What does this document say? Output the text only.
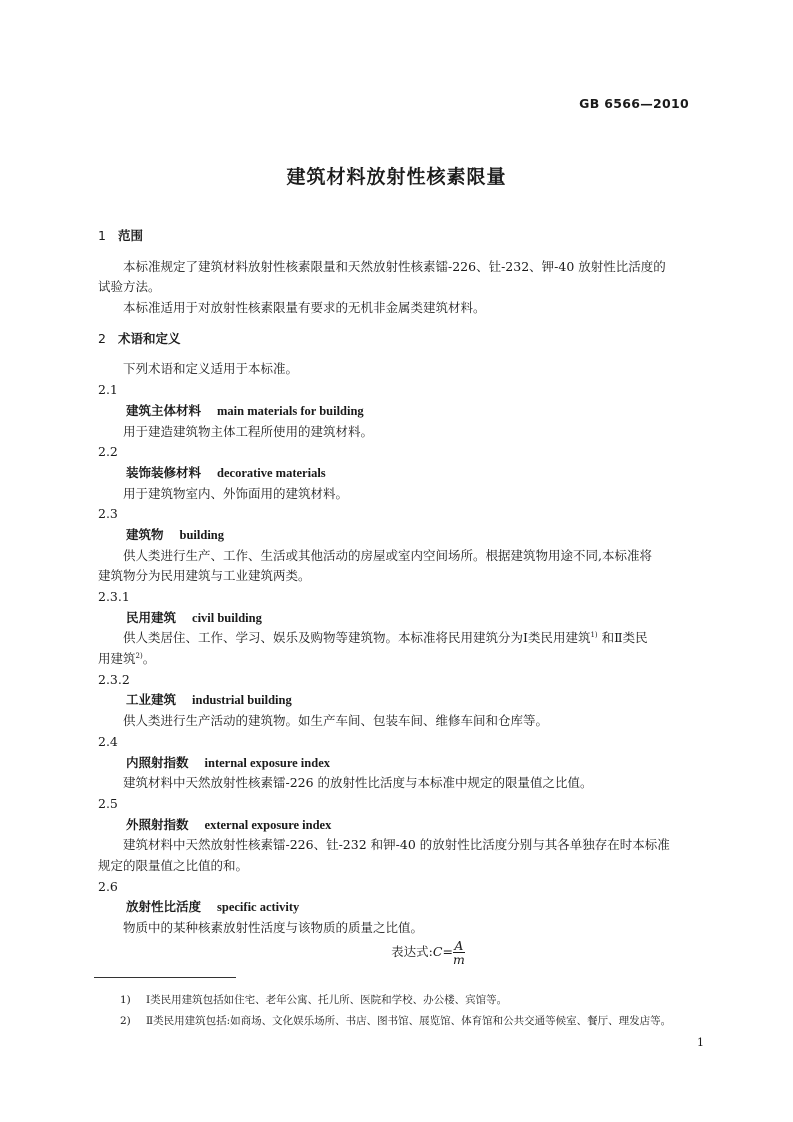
GB 6566—2010
建筑材料放射性核素限量
1 范围
本标准规定了建筑材料放射性核素限量和天然放射性核素镭-226、钍-232、钾-40 放射性比活度的
试验方法。
本标准适用于对放射性核素限量有要求的无机非金属类建筑材料。
2 术语和定义
下列术语和定义适用于本标准。
2.1
建筑主体材料 main materials for building
用于建造建筑物主体工程所使用的建筑材料。
2.2
装饰装修材料 decorative materials
用于建筑物室内、外饰面用的建筑材料。
2.3
建筑物 building
供人类进行生产、工作、生活或其他活动的房屋或室内空间场所。根据建筑物用途不同,本标准将
建筑物分为民用建筑与工业建筑两类。
2.3.1
民用建筑 civil building
供人类居住、工作、学习、娱乐及购物等建筑物。本标准将民用建筑分为Ⅰ类民用建筑$^{1)}$ 和Ⅱ类民
用建筑$^{2)}$。
2.3.2
工业建筑 industrial building
供人类进行生产活动的建筑物。如生产车间、包装车间、维修车间和仓库等。
2.4
内照射指数 internal exposure index
建筑材料中天然放射性核素镭-226 的放射性比活度与本标准中规定的限量值之比值。
2.5
外照射指数 external exposure index
建筑材料中天然放射性核素镭-226、钍-232 和钾-40 的放射性比活度分别与其各单独存在时本标准
规定的限量值之比值的和。
2.6
放射性比活度 specific activity
物质中的某种核素放射性活度与该物质的质量之比值。
表达式:C= $\frac{A}{m}$
1) Ⅰ类民用建筑包括如住宅、老年公寓、托儿所、医院和学校、办公楼、宾馆等。
2) Ⅱ类民用建筑包括:如商场、文化娱乐场所、书店、图书馆、展览馆、体育馆和公共交通等候室、餐厅、理发店等。
1
